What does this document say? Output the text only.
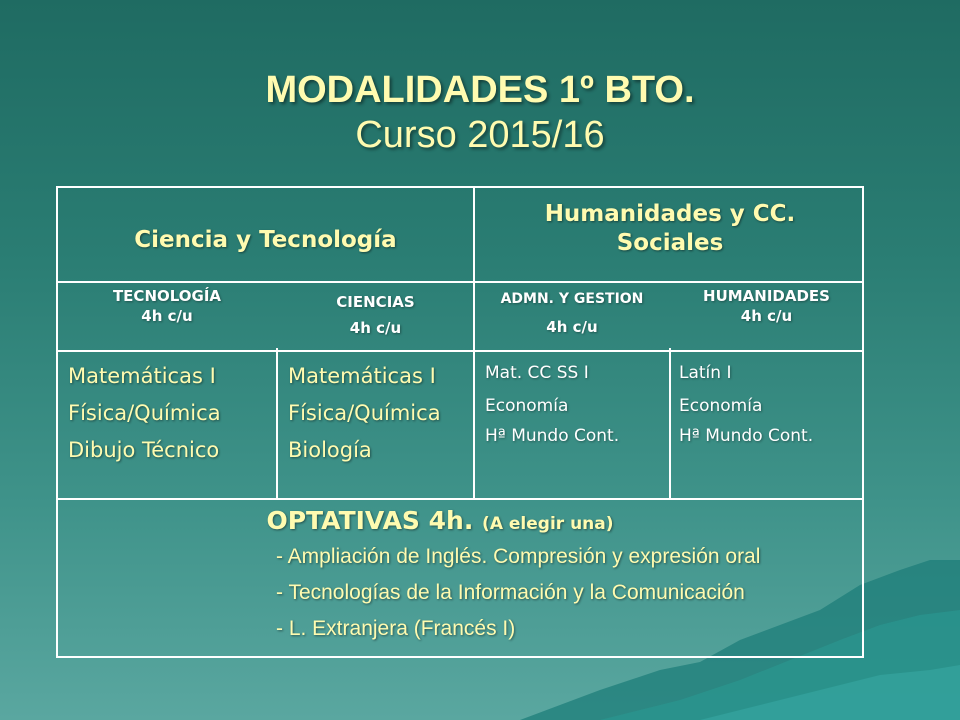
MODALIDADES 1º BTO.
Curso 2015/16
Ciencia y Tecnología
Humanidades y CC. Sociales
TECNOLOGÍA
4h c/u
CIENCIAS
4h c/u
ADMN. Y GESTION
4h c/u
HUMANIDADES
4h c/u
Matemáticas I
Física/Química
Dibujo Técnico
Matemáticas I
Física/Química
Biología
Mat. CC SS I
Economía
Hª Mundo Cont.
Latín I
Economía
Hª Mundo Cont.
OPTATIVAS 4h. (A elegir una)
- Ampliación de Inglés. Compresión y expresión oral
- Tecnologías de la Información y la Comunicación
- L. Extranjera (Francés I)
